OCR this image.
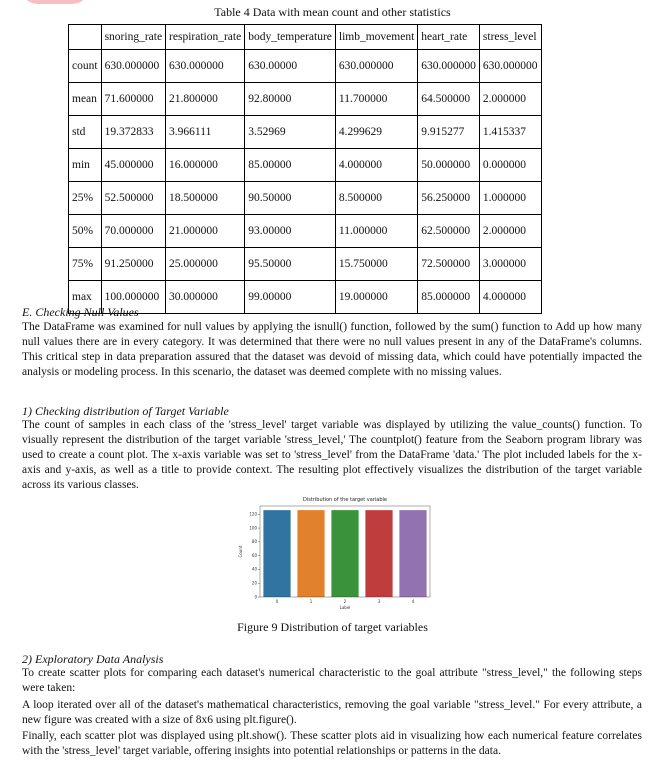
Table 4 Data with mean count and other statistics
	snoring_rate	respiration_rate	body_temperature	limb_movement	heart_rate	stress_level
count	630.000000	630.000000	630.00000	630.000000	630.000000	630.000000
mean	71.600000	21.800000	92.80000	11.700000	64.500000	2.000000
std	19.372833	3.966111	3.52969	4.299629	9.915277	1.415337
min	45.000000	16.000000	85.00000	4.000000	50.000000	0.000000
25%	52.500000	18.500000	90.50000	8.500000	56.250000	1.000000
50%	70.000000	21.000000	93.00000	11.000000	62.500000	2.000000
75%	91.250000	25.000000	95.50000	15.750000	72.500000	3.000000
max	100.000000	30.000000	99.00000	19.000000	85.000000	4.000000
E. Checking Null Values

The DataFrame was examined for null values by applying the isnull() function, followed by the sum() function to Add up how many null values there are in every category. It was determined that there were no null values present in any of the DataFrame's columns. This critical step in data preparation assured that the dataset was devoid of missing data, which could have potentially impacted the analysis or modeling process. In this scenario, the dataset was deemed complete with no missing values.

1) Checking distribution of Target Variable

The count of samples in each class of the 'stress_level' target variable was displayed by utilizing the value_counts() function. To visually represent the distribution of the target variable 'stress_level,' The countplot() feature from the Seaborn program library was used to create a count plot. The x-axis variable was set to 'stress_level' from the DataFrame 'data.' The plot included labels for the x-axis and y-axis, as well as a title to provide context. The resulting plot effectively visualizes the distribution of the target variable across its various classes.

Distribution of the target variable
0	1	2	3	4
0
20
40
60
80
100
120
Label
Count
Figure 9 Distribution of target variables
2) Exploratory Data Analysis

To create scatter plots for comparing each dataset's numerical characteristic to the goal attribute "stress_level," the following steps were taken:

A loop iterated over all of the dataset's mathematical characteristics, removing the goal variable "stress_level." For every attribute, a new figure was created with a size of 8x6 using plt.figure().

Finally, each scatter plot was displayed using plt.show(). These scatter plots aid in visualizing how each numerical feature correlates with the 'stress_level' target variable, offering insights into potential relationships or patterns in the data.
